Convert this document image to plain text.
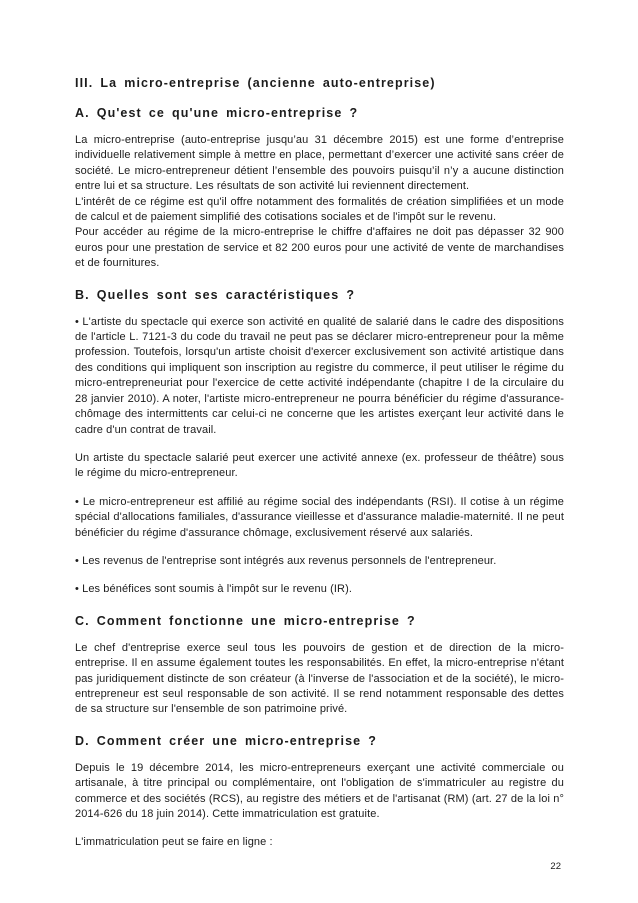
III. La micro-entreprise (ancienne auto-entreprise)
A. Qu'est ce qu'une micro-entreprise ?
La micro-entreprise (auto-entreprise jusqu’au 31 décembre 2015) est une forme d’entreprise individuelle relativement simple à mettre en place, permettant d’exercer une activité sans créer de société. Le micro-entrepreneur détient l’ensemble des pouvoirs puisqu’il n’y a aucune distinction entre lui et sa structure. Les résultats de son activité lui reviennent directement.
L'intérêt de ce régime est qu'il offre notamment des formalités de création simplifiées et un mode de calcul et de paiement simplifié des cotisations sociales et de l'impôt sur le revenu.
Pour accéder au régime de la micro-entreprise le chiffre d'affaires ne doit pas dépasser 32 900 euros pour une prestation de service et 82 200 euros pour une activité de vente de marchandises et de fournitures.
B. Quelles sont ses caractéristiques ?
• L'artiste du spectacle qui exerce son activité en qualité de salarié dans le cadre des dispositions de l'article L. 7121-3 du code du travail ne peut pas se déclarer micro-entrepreneur pour la même profession. Toutefois, lorsqu'un artiste choisit d'exercer exclusivement son activité artistique dans des conditions qui impliquent son inscription au registre du commerce, il peut utiliser le régime du micro-entrepreneuriat pour l'exercice de cette activité indépendante (chapitre I de la circulaire du 28 janvier 2010). A noter, l'artiste micro-entrepreneur ne pourra bénéficier du régime d'assurance-chômage des intermittents car celui-ci ne concerne que les artistes exerçant leur activité dans le cadre d'un contrat de travail.
Un artiste du spectacle salarié peut exercer une activité annexe (ex. professeur de théâtre) sous le régime du micro-entrepreneur.
• Le micro-entrepreneur est affilié au régime social des indépendants (RSI). Il cotise à un régime spécial d'allocations familiales, d'assurance vieillesse et d'assurance maladie-maternité. Il ne peut bénéficier du régime d'assurance chômage, exclusivement réservé aux salariés.
• Les revenus de l'entreprise sont intégrés aux revenus personnels de l'entrepreneur.
• Les bénéfices sont soumis à l'impôt sur le revenu (IR).
C. Comment fonctionne une micro-entreprise ?
Le chef d'entreprise exerce seul tous les pouvoirs de gestion et de direction de la micro-entreprise. Il en assume également toutes les responsabilités. En effet, la micro-entreprise n'étant pas juridiquement distincte de son créateur (à l'inverse de l'association et de la société), le micro-entrepreneur est seul responsable de son activité. Il se rend notamment responsable des dettes de sa structure sur l'ensemble de son patrimoine privé.
D. Comment créer une micro-entreprise ?
Depuis le 19 décembre 2014, les micro-entrepreneurs exerçant une activité commerciale ou artisanale, à titre principal ou complémentaire, ont l'obligation de s'immatriculer au registre du commerce et des sociétés (RCS), au registre des métiers et de l'artisanat (RM) (art. 27 de la loi n° 2014-626 du 18 juin 2014). Cette immatriculation est gratuite.
L'immatriculation peut se faire en ligne :
22
